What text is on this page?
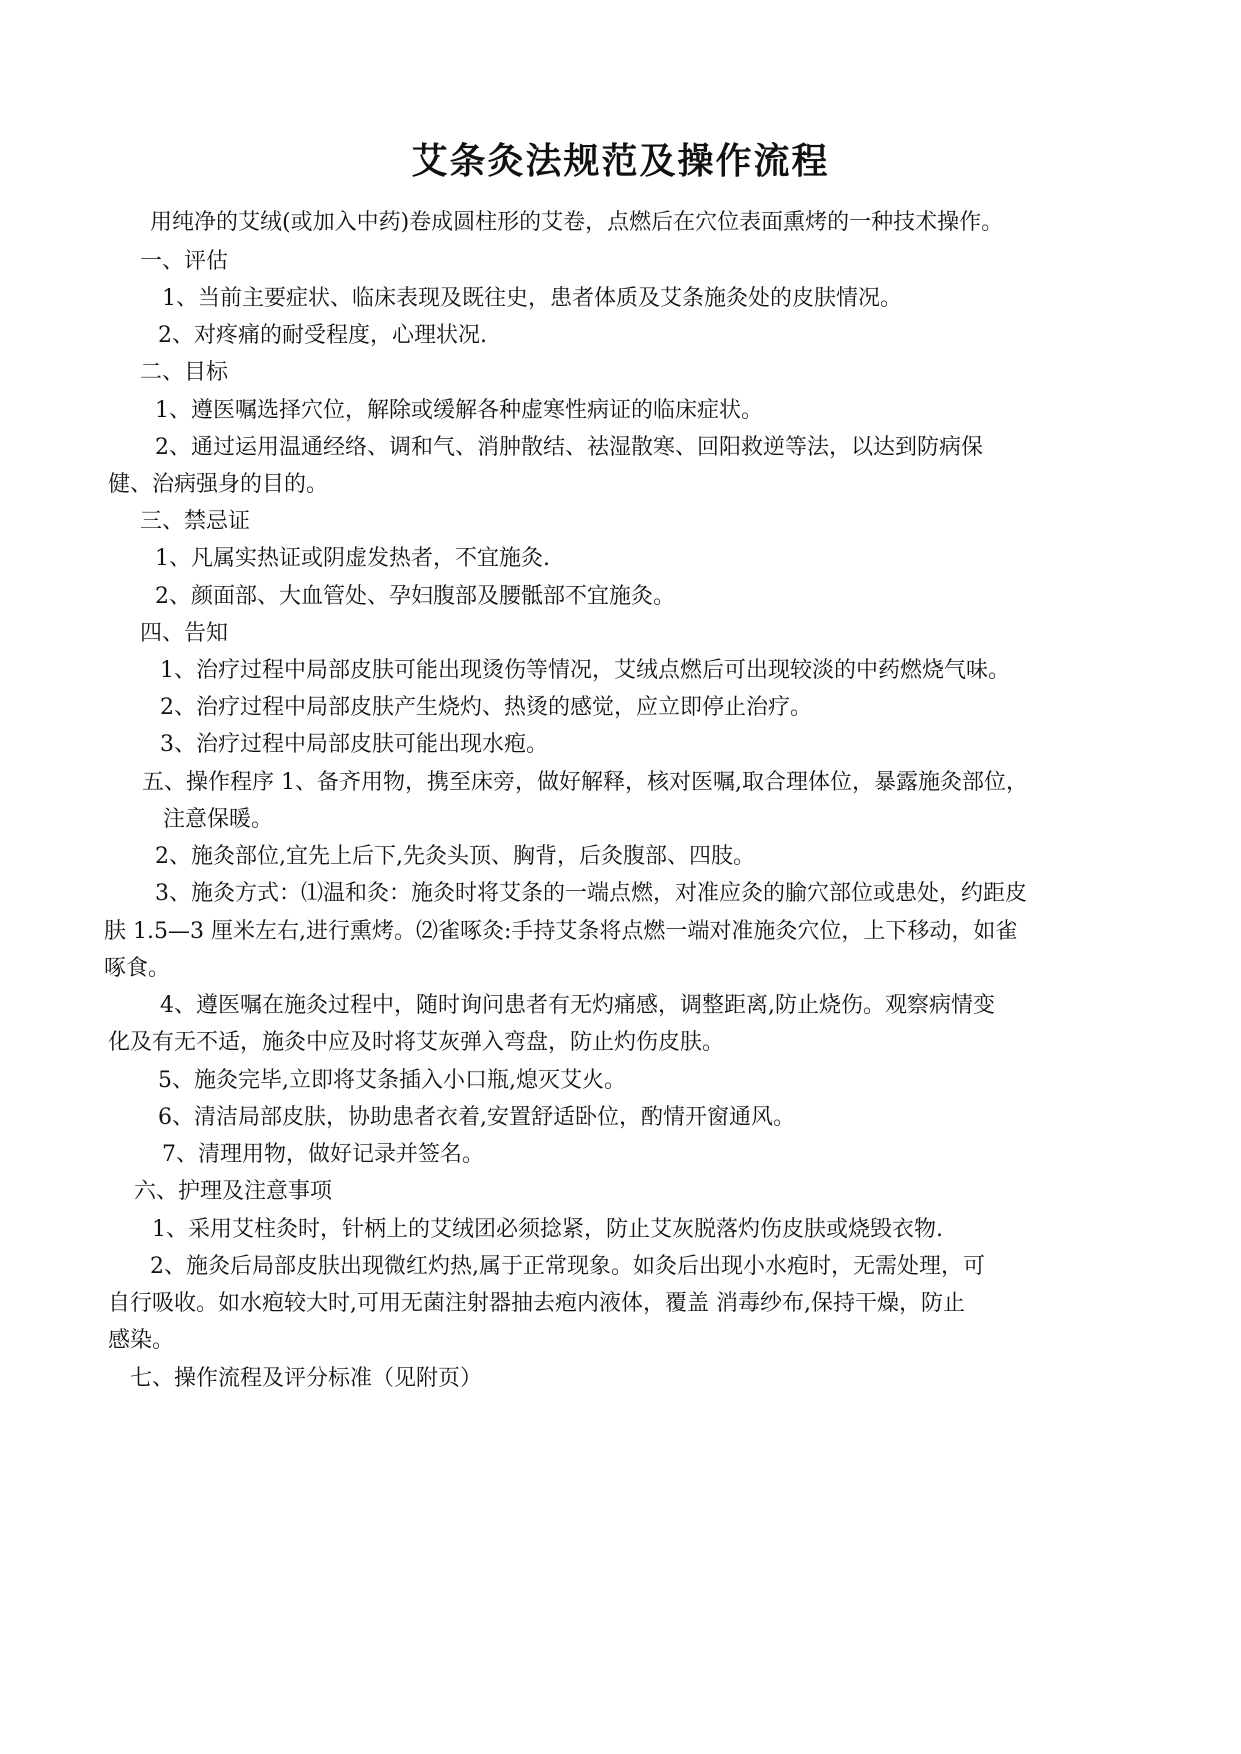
艾条灸法规范及操作流程
用纯净的艾绒(或加入中药)卷成圆柱形的艾卷，点燃后在穴位表面熏烤的一种技术操作。
一、评估
1、当前主要症状、临床表现及既往史，患者体质及艾条施灸处的皮肤情况。
2、对疼痛的耐受程度，心理状况.
二、目标
1、遵医嘱选择穴位，解除或缓解各种虚寒性病证的临床症状。
2、通过运用温通经络、调和气、消肿散结、祛湿散寒、回阳救逆等法，以达到防病保
健、治病强身的目的。
三、禁忌证
1、凡属实热证或阴虚发热者，不宜施灸.
2、颜面部、大血管处、孕妇腹部及腰骶部不宜施灸。
四、告知
1、治疗过程中局部皮肤可能出现烫伤等情况，艾绒点燃后可出现较淡的中药燃烧气味。
2、治疗过程中局部皮肤产生烧灼、热烫的感觉，应立即停止治疗。
3、治疗过程中局部皮肤可能出现水疱。
五、操作程序 1、备齐用物，携至床旁，做好解释，核对医嘱,取合理体位，暴露施灸部位，
注意保暖。
2、施灸部位,宜先上后下,先灸头顶、胸背，后灸腹部、四肢。
3、施灸方式：⑴温和灸：施灸时将艾条的一端点燃，对准应灸的腧穴部位或患处，约距皮
肤 1.5—3 厘米左右,进行熏烤。⑵雀啄灸:手持艾条将点燃一端对准施灸穴位，上下移动，如雀
啄食。
4、遵医嘱在施灸过程中，随时询问患者有无灼痛感，调整距离,防止烧伤。观察病情变
化及有无不适，施灸中应及时将艾灰弹入弯盘，防止灼伤皮肤。
5、施灸完毕,立即将艾条插入小口瓶,熄灭艾火。
6、清洁局部皮肤，协助患者衣着,安置舒适卧位，酌情开窗通风。
7、清理用物，做好记录并签名。
六、护理及注意事项
1、采用艾柱灸时，针柄上的艾绒团必须捻紧，防止艾灰脱落灼伤皮肤或烧毁衣物.
2、施灸后局部皮肤出现微红灼热,属于正常现象。如灸后出现小水疱时，无需处理，可
自行吸收。如水疱较大时,可用无菌注射器抽去疱内液体，覆盖 消毒纱布,保持干燥，防止
感染。
七、操作流程及评分标准（见附页）
